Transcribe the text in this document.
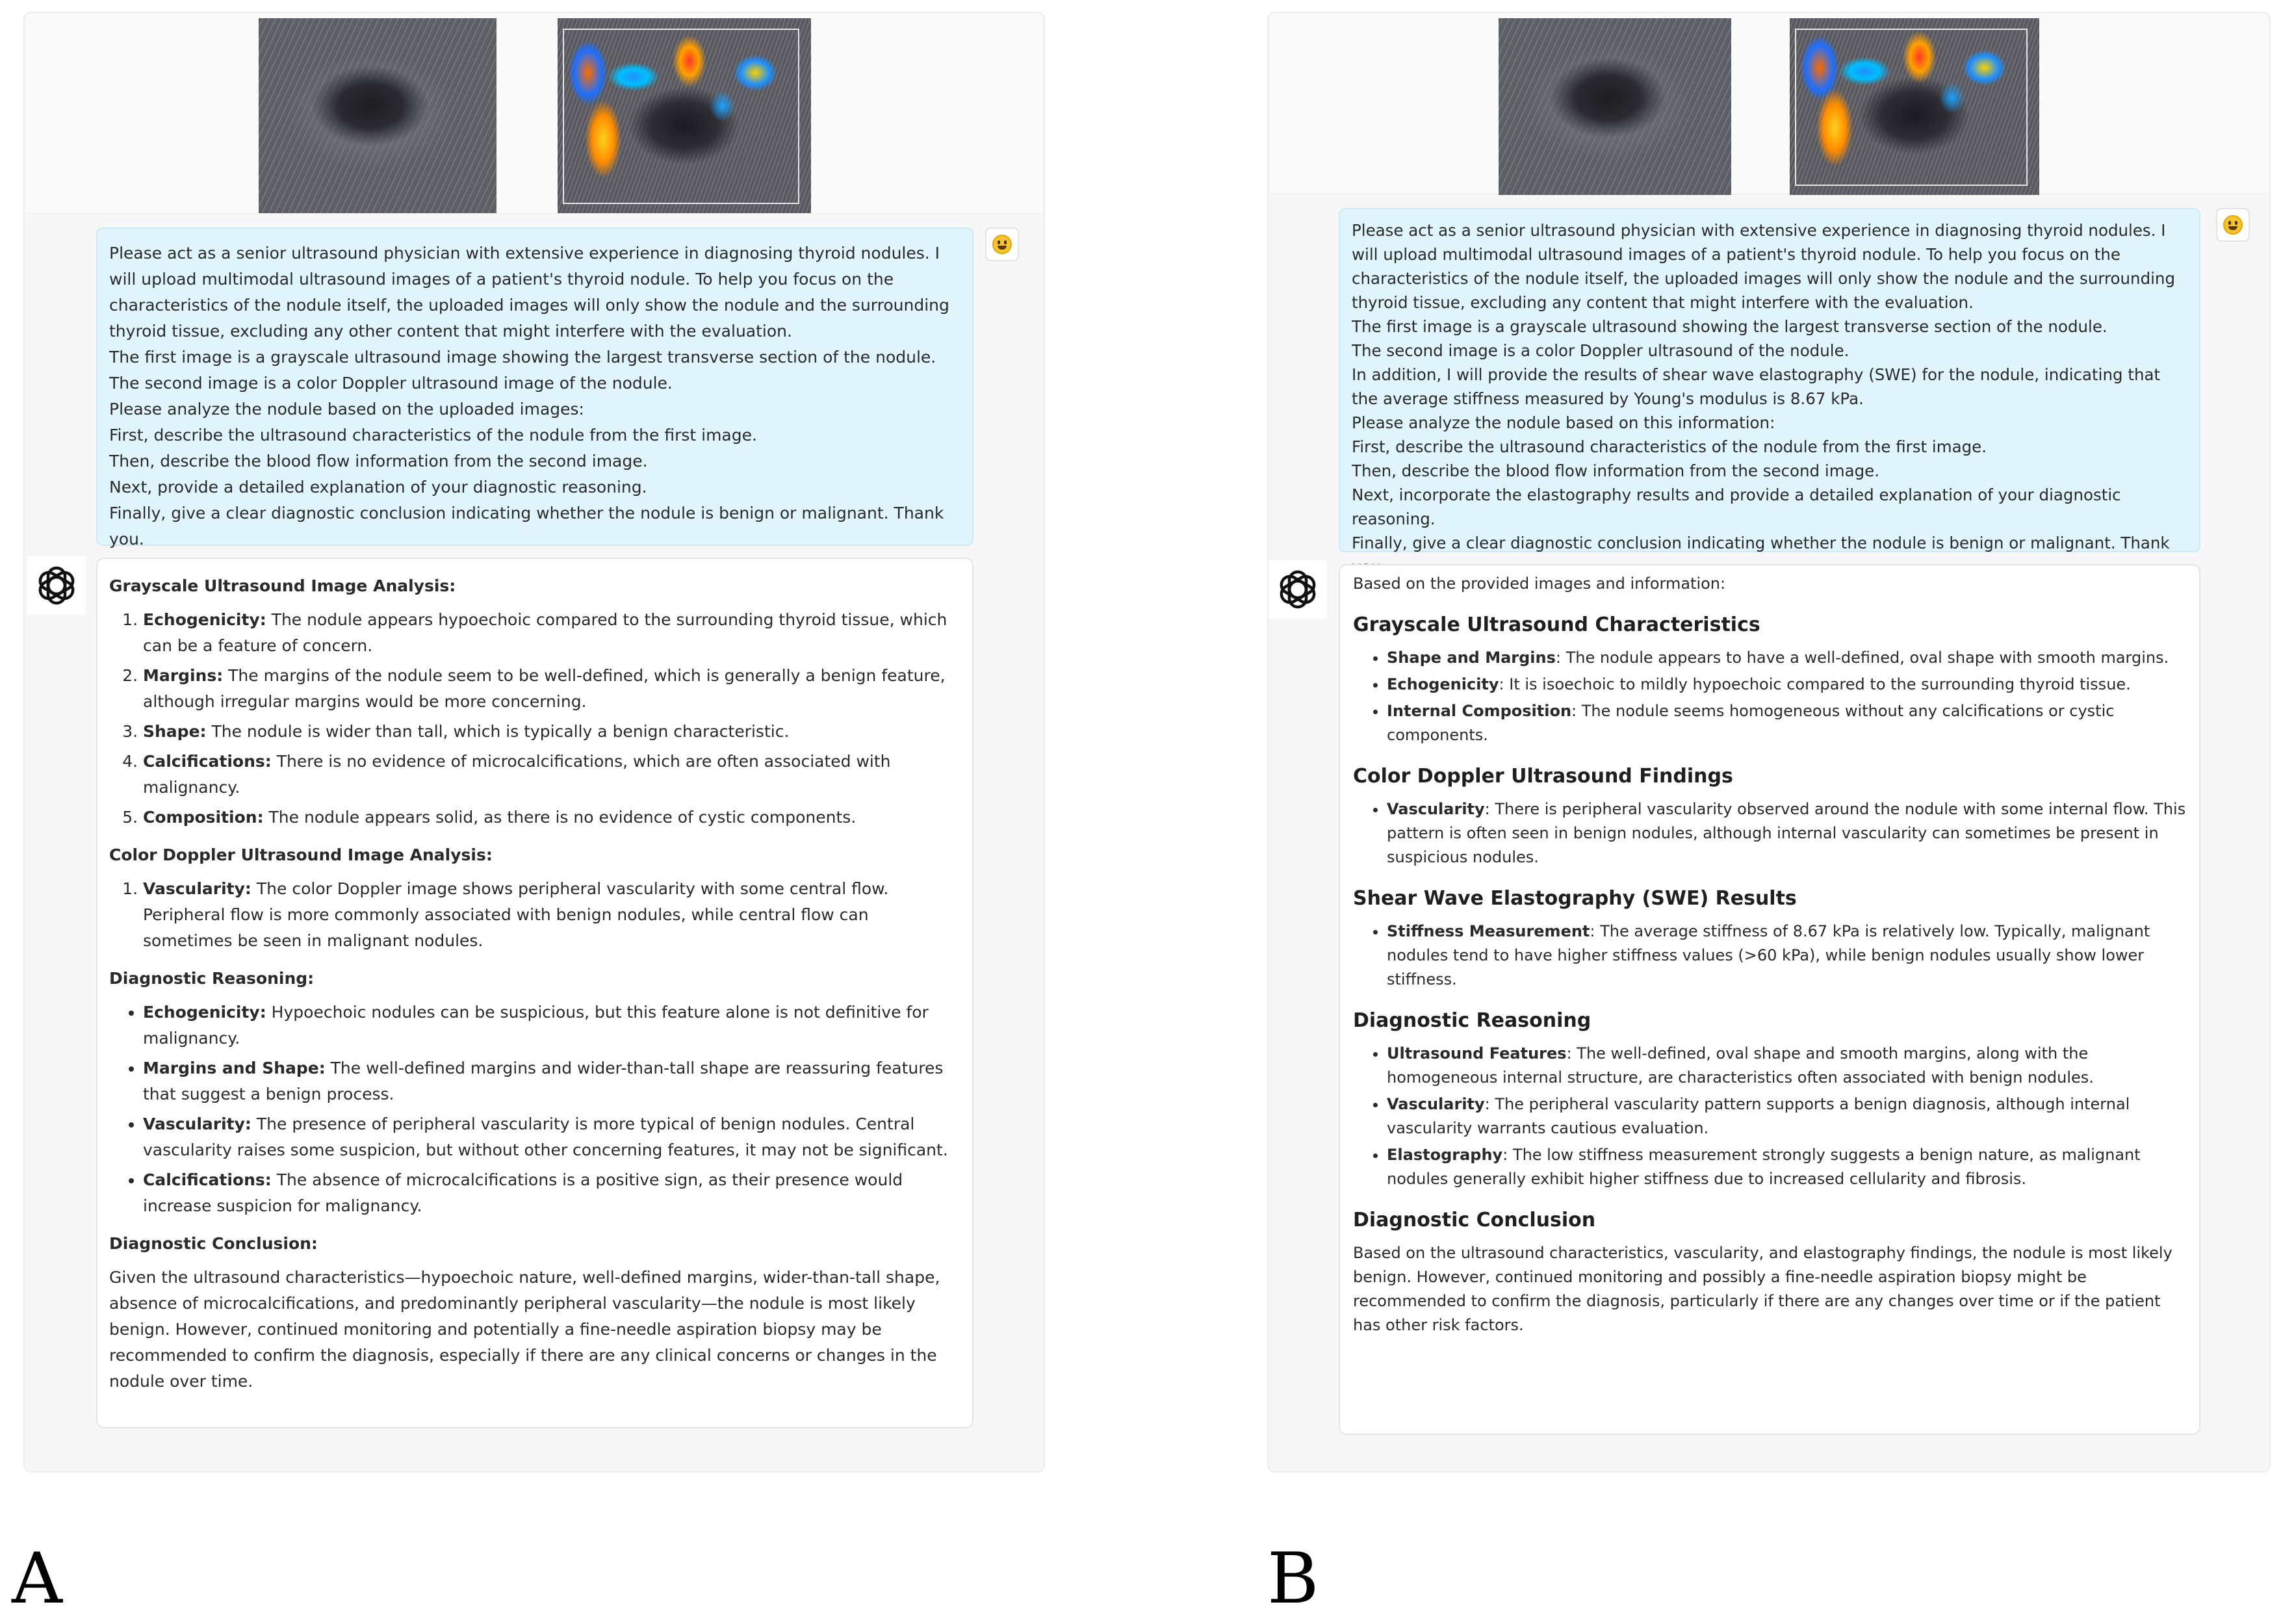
Please act as a senior ultrasound physician with extensive experience in diagnosing thyroid nodules. I will upload multimodal ultrasound images of a patient's thyroid nodule. To help you focus on the characteristics of the nodule itself, the uploaded images will only show the nodule and the surrounding thyroid tissue, excluding any other content that might interfere with the evaluation.

The first image is a grayscale ultrasound image showing the largest transverse section of the nodule.

The second image is a color Doppler ultrasound image of the nodule.

Please analyze the nodule based on the uploaded images:

First, describe the ultrasound characteristics of the nodule from the first image.

Then, describe the blood flow information from the second image.

Next, provide a detailed explanation of your diagnostic reasoning.

Finally, give a clear diagnostic conclusion indicating whether the nodule is benign or malignant. Thank you.

Grayscale Ultrasound Image Analysis:
1. Echogenicity: The nodule appears hypoechoic compared to the surrounding thyroid tissue, which can be a feature of concern.
2. Margins: The margins of the nodule seem to be well-defined, which is generally a benign feature, although irregular margins would be more concerning.
3. Shape: The nodule is wider than tall, which is typically a benign characteristic.
4. Calcifications: There is no evidence of microcalcifications, which are often associated with malignancy.
5. Composition: The nodule appears solid, as there is no evidence of cystic components.
Color Doppler Ultrasound Image Analysis:
1. Vascularity: The color Doppler image shows peripheral vascularity with some central flow. Peripheral flow is more commonly associated with benign nodules, while central flow can sometimes be seen in malignant nodules.
Diagnostic Reasoning:
• Echogenicity: Hypoechoic nodules can be suspicious, but this feature alone is not definitive for malignancy.
• Margins and Shape: The well-defined margins and wider-than-tall shape are reassuring features that suggest a benign process.
• Vascularity: The presence of peripheral vascularity is more typical of benign nodules. Central vascularity raises some suspicion, but without other concerning features, it may not be significant.
• Calcifications: The absence of microcalcifications is a positive sign, as their presence would increase suspicion for malignancy.
Diagnostic Conclusion:

Given the ultrasound characteristics—hypoechoic nature, well-defined margins, wider-than-tall shape, absence of microcalcifications, and predominantly peripheral vascularity—the nodule is most likely benign. However, continued monitoring and potentially a fine-needle aspiration biopsy may be recommended to confirm the diagnosis, especially if there are any clinical concerns or changes in the nodule over time.

Please act as a senior ultrasound physician with extensive experience in diagnosing thyroid nodules. I will upload multimodal ultrasound images of a patient's thyroid nodule. To help you focus on the characteristics of the nodule itself, the uploaded images will only show the nodule and the surrounding thyroid tissue, excluding any content that might interfere with the evaluation.

The first image is a grayscale ultrasound showing the largest transverse section of the nodule.

The second image is a color Doppler ultrasound of the nodule.

In addition, I will provide the results of shear wave elastography (SWE) for the nodule, indicating that the average stiffness measured by Young's modulus is 8.67 kPa.

Please analyze the nodule based on this information:

First, describe the ultrasound characteristics of the nodule from the first image.

Then, describe the blood flow information from the second image.

Next, incorporate the elastography results and provide a detailed explanation of your diagnostic reasoning.

Finally, give a clear diagnostic conclusion indicating whether the nodule is benign or malignant. Thank

Based on the provided images and information:

Grayscale Ultrasound Characteristics
• Shape and Margins: The nodule appears to have a well-defined, oval shape with smooth margins.
• Echogenicity: It is isoechoic to mildly hypoechoic compared to the surrounding thyroid tissue.
• Internal Composition: The nodule seems homogeneous without any calcifications or cystic components.
Color Doppler Ultrasound Findings
• Vascularity: There is peripheral vascularity observed around the nodule with some internal flow. This pattern is often seen in benign nodules, although internal vascularity can sometimes be present in suspicious nodules.
Shear Wave Elastography (SWE) Results
• Stiffness Measurement: The average stiffness of 8.67 kPa is relatively low. Typically, malignant nodules tend to have higher stiffness values (>60 kPa), while benign nodules usually show lower stiffness.
Diagnostic Reasoning
• Ultrasound Features: The well-defined, oval shape and smooth margins, along with the homogeneous internal structure, are characteristics often associated with benign nodules.
• Vascularity: The peripheral vascularity pattern supports a benign diagnosis, although internal vascularity warrants cautious evaluation.
• Elastography: The low stiffness measurement strongly suggests a benign nature, as malignant nodules generally exhibit higher stiffness due to increased cellularity and fibrosis.
Diagnostic Conclusion

Based on the ultrasound characteristics, vascularity, and elastography findings, the nodule is most likely benign. However, continued monitoring and possibly a fine-needle aspiration biopsy might be recommended to confirm the diagnosis, particularly if there are any changes over time or if the patient has other risk factors.

A	B
